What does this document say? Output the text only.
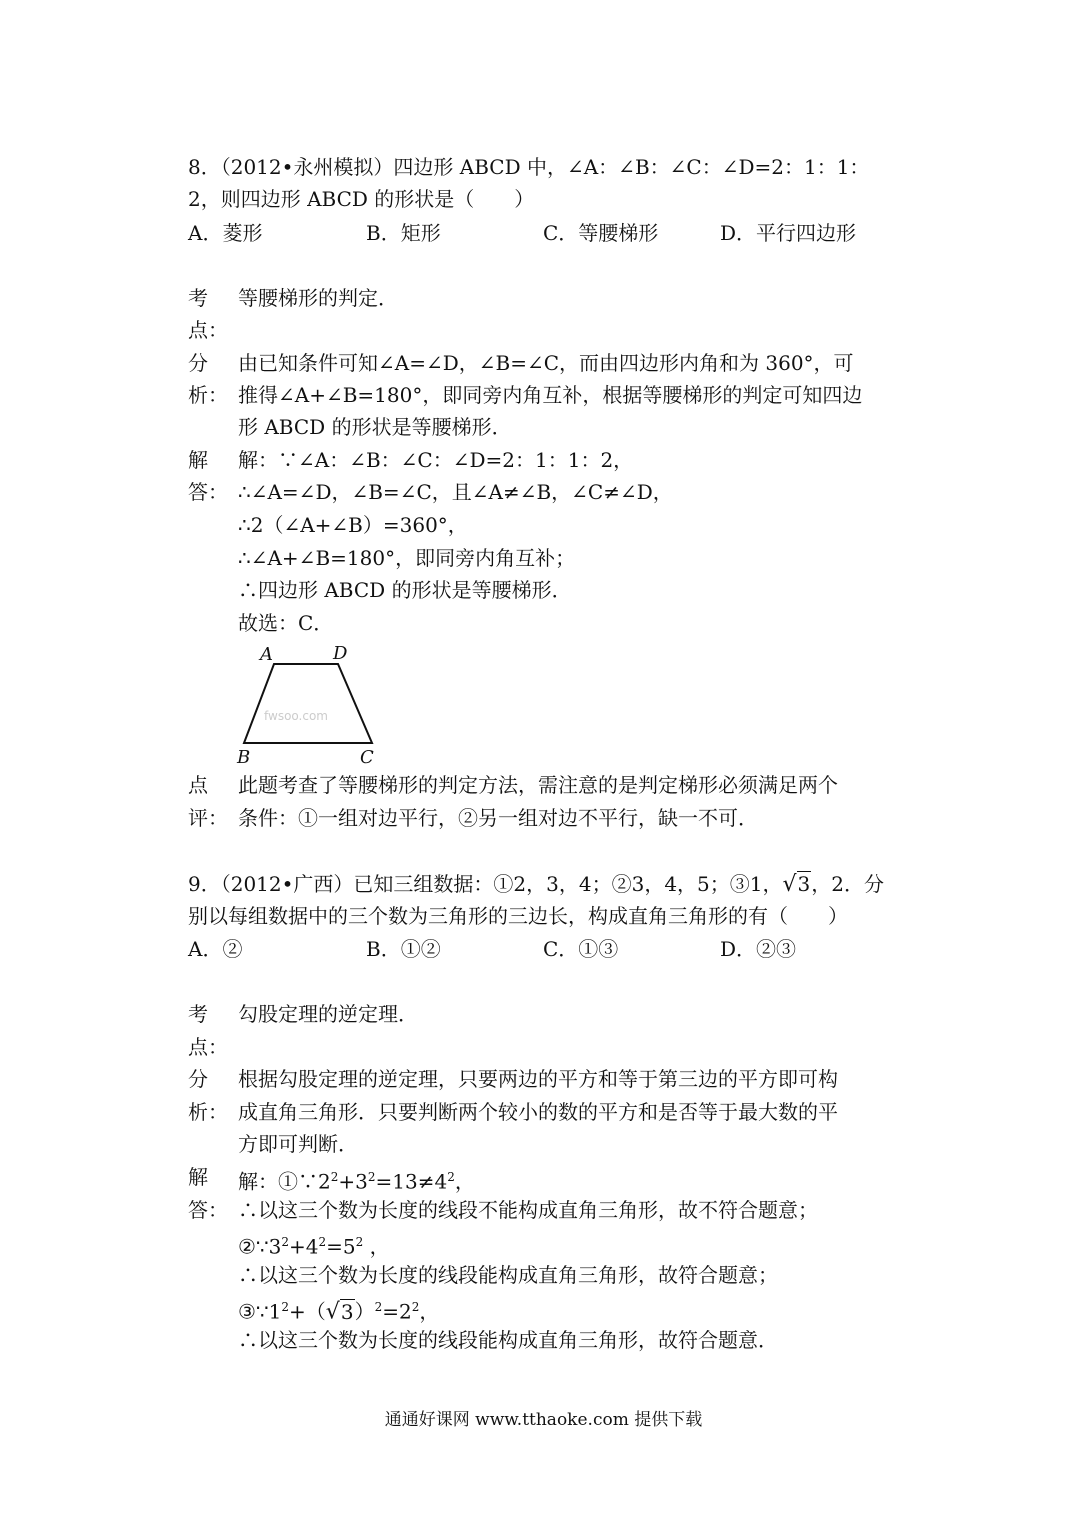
8．（2012•永州模拟）四边形 ABCD 中，∠A：∠B：∠C：∠D=2：1：1：
2，则四边形 ABCD 的形状是（　　）
A．菱形	B．矩形	C．等腰梯形	D．平行四边形
考
点：
等腰梯形的判定．
分
析：
由已知条件可知∠A=∠D，∠B=∠C，而由四边形内角和为 360°，可
推得∠A+∠B=180°，即同旁内角互补，根据等腰梯形的判定可知四边
形 ABCD 的形状是等腰梯形．
解
答：
解：∵∠A：∠B：∠C：∠D=2：1：1：2，
∴∠A=∠D，∠B=∠C，且∠A≠∠B，∠C≠∠D，
∴2（∠A+∠B）=360°，
∴∠A+∠B=180°，即同旁内角互补；
∴四边形 ABCD 的形状是等腰梯形．
故选：C．
A	D
B	C
fwsoo.com
点
评：
此题考查了等腰梯形的判定方法，需注意的是判定梯形必须满足两个
条件：①一组对边平行，②另一组对边不平行，缺一不可．
9．（2012•广西）已知三组数据：①2，3，4；②3，4，5；③1，√3，2．分
别以每组数据中的三个数为三角形的三边长，构成直角三角形的有（　　）
A．②	B．①②	C．①③	D．②③
考
点：
勾股定理的逆定理．
分
析：
根据勾股定理的逆定理，只要两边的平方和等于第三边的平方即可构
成直角三角形．只要判断两个较小的数的平方和是否等于最大数的平
方即可判断．
解
答：
解：$①\because 2^2+3^2=13\ne 4^2$，
∴以这三个数为长度的线段不能构成直角三角形，故不符合题意；
$②\because 3^2+4^2=5^2$ ，
∴以这三个数为长度的线段能构成直角三角形，故符合题意；
$③\because 1^2+(√3)^2=2^2$，
∴以这三个数为长度的线段能构成直角三角形，故符合题意．
通通好课网 www.tthaoke.com 提供下载
